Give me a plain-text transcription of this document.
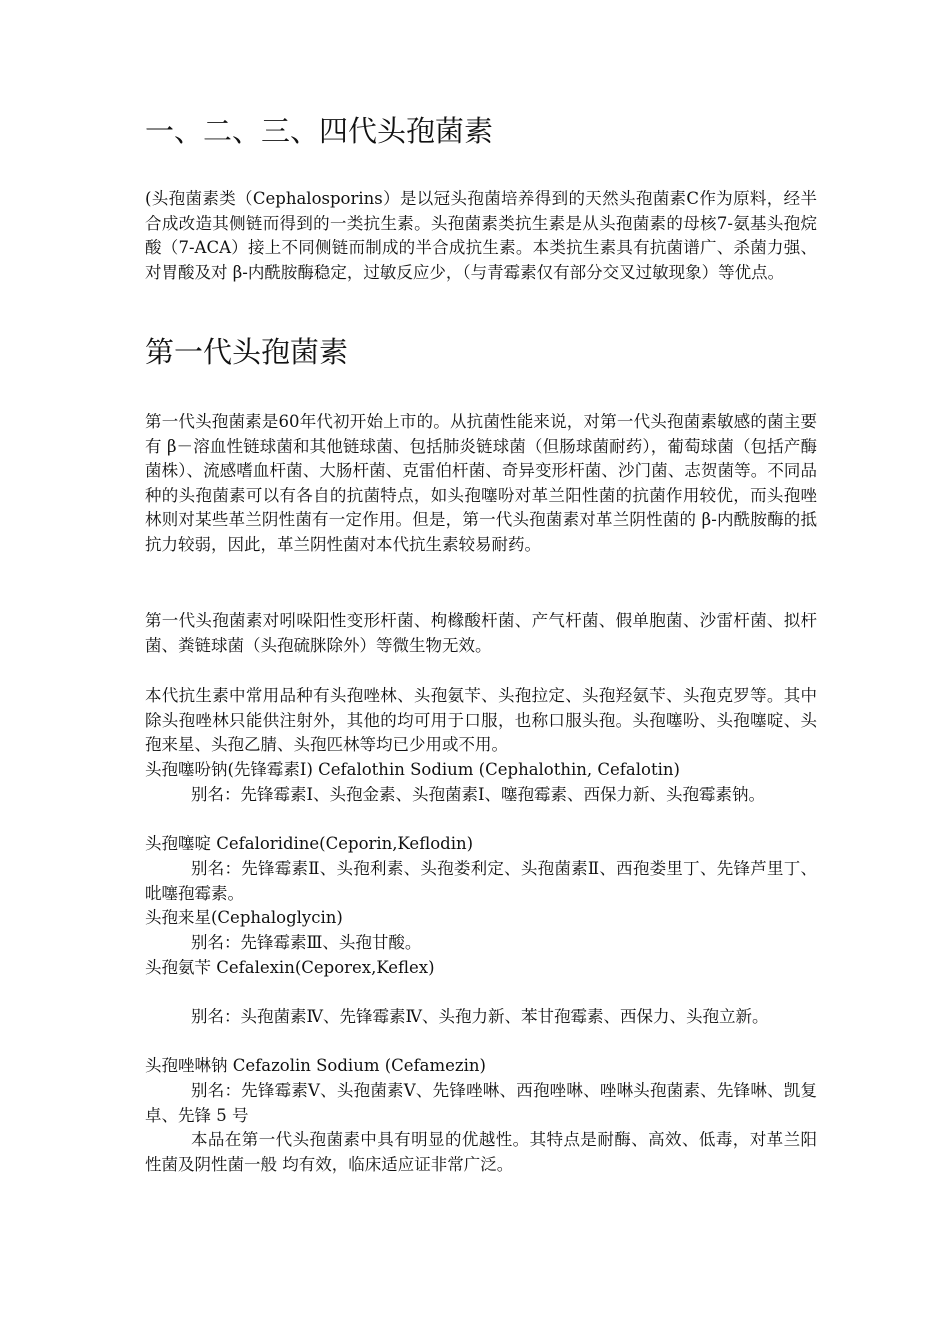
一、二、三、四代头孢菌素

(头孢菌素类（Cephalosporins）是以冠头孢菌培养得到的天然头孢菌素C作为原料，经半合成改造其侧链而得到的一类抗生素。头孢菌素类抗生素是从头孢菌素的母核7-氨基头孢烷酸（7-ACA）接上不同侧链而制成的半合成抗生素。本类抗生素具有抗菌谱广、杀菌力强、对胃酸及对 β-内酰胺酶稳定，过敏反应少，（与青霉素仅有部分交叉过敏现象）等优点。

第一代头孢菌素

第一代头孢菌素是60年代初开始上市的。从抗菌性能来说，对第一代头孢菌素敏感的菌主要有 β－溶血性链球菌和其他链球菌、包括肺炎链球菌（但肠球菌耐药），葡萄球菌（包括产酶菌株）、流感嗜血杆菌、大肠杆菌、克雷伯杆菌、奇异变形杆菌、沙门菌、志贺菌等。不同品种的头孢菌素可以有各自的抗菌特点，如头孢噻吩对革兰阳性菌的抗菌作用较优，而头孢唑林则对某些革兰阴性菌有一定作用。但是，第一代头孢菌素对革兰阴性菌的 β-内酰胺酶的抵抗力较弱，因此，革兰阴性菌对本代抗生素较易耐药。

第一代头孢菌素对吲哚阳性变形杆菌、枸橼酸杆菌、产气杆菌、假单胞菌、沙雷杆菌、拟杆菌、粪链球菌（头孢硫脒除外）等微生物无效。

本代抗生素中常用品种有头孢唑林、头孢氨苄、头孢拉定、头孢羟氨苄、头孢克罗等。其中除头孢唑林只能供注射外，其他的均可用于口服，也称口服头孢。头孢噻吩、头孢噻啶、头孢来星、头孢乙腈、头孢匹林等均已少用或不用。

头孢噻吩钠(先锋霉素Ⅰ) Cefalothin Sodium (Cephalothin, Cefalotin)

别名：先锋霉素Ⅰ、头孢金素、头孢菌素Ⅰ、噻孢霉素、西保力新、头孢霉素钠。

头孢噻啶 Cefaloridine(Ceporin,Keflodin)

别名：先锋霉素Ⅱ、头孢利素、头孢娄利定、头孢菌素Ⅱ、西孢娄里丁、先锋芦里丁、吡噻孢霉素。

头孢来星(Cephaloglycin)

别名：先锋霉素Ⅲ、头孢甘酸。

头孢氨苄 Cefalexin(Ceporex,Keflex)

别名：头孢菌素Ⅳ、先锋霉素Ⅳ、头孢力新、苯甘孢霉素、西保力、头孢立新。

头孢唑啉钠 Cefazolin Sodium (Cefamezin)

别名：先锋霉素Ⅴ、头孢菌素Ⅴ、先锋唑啉、西孢唑啉、唑啉头孢菌素、先锋啉、凯复卓、先锋 5 号

本品在第一代头孢菌素中具有明显的优越性。其特点是耐酶、高效、低毒，对革兰阳性菌及阴性菌一般 均有效，临床适应证非常广泛。
